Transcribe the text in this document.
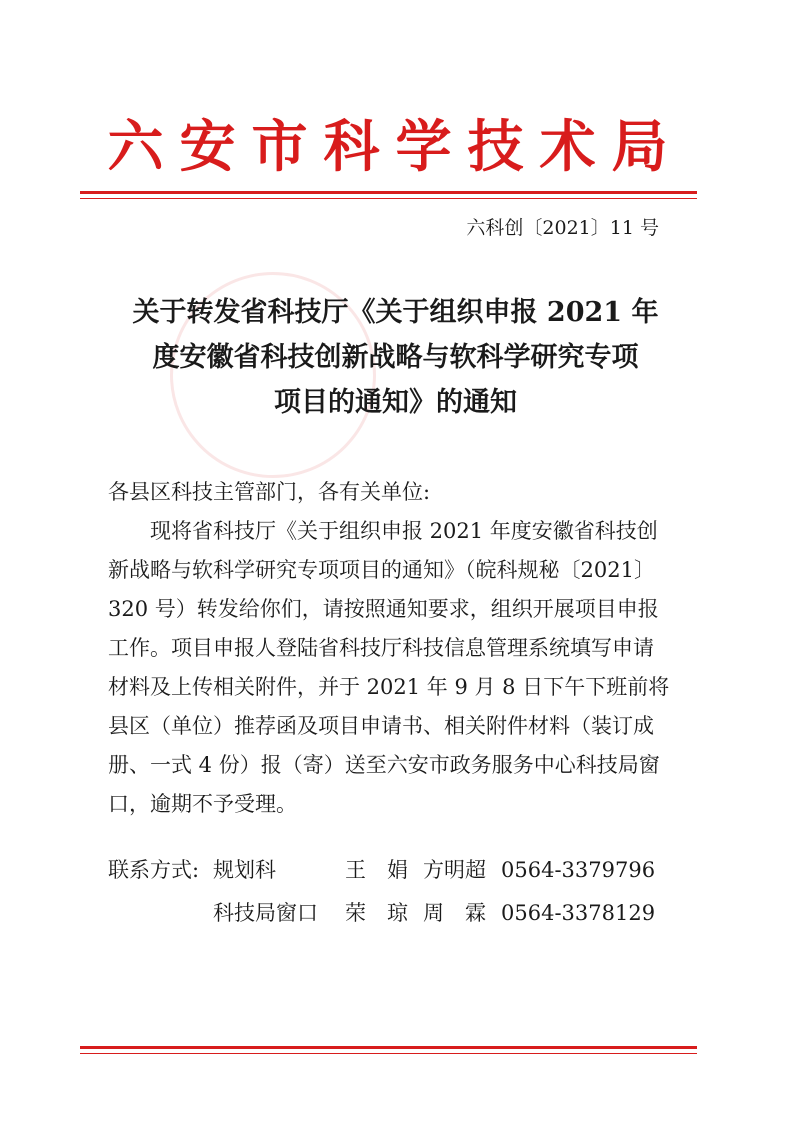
六安市科学技术局
六科创〔2021〕11 号
关于转发省科技厅《关于组织申报 2021 年
度安徽省科技创新战略与软科学研究专项
项目的通知》的通知
各县区科技主管部门，各有关单位:
现将省科技厅《关于组织申报 2021 年度安徽省科技创
新战略与软科学研究专项项目的通知》（皖科规秘〔2021〕
320 号）转发给你们，请按照通知要求，组织开展项目申报
工作。项目申报人登陆省科技厅科技信息管理系统填写申请
材料及上传相关附件，并于 2021 年 9 月 8 日下午下班前将
县区（单位）推荐函及项目申请书、相关附件材料（装订成
册、一式 4 份）报（寄）送至六安市政务服务中心科技局窗
口，逾期不予受理。
联系方式: 规划科	王　娟 方明超 0564-3379796
科技局窗口 荣　琼 周　霖 0564-3378129
